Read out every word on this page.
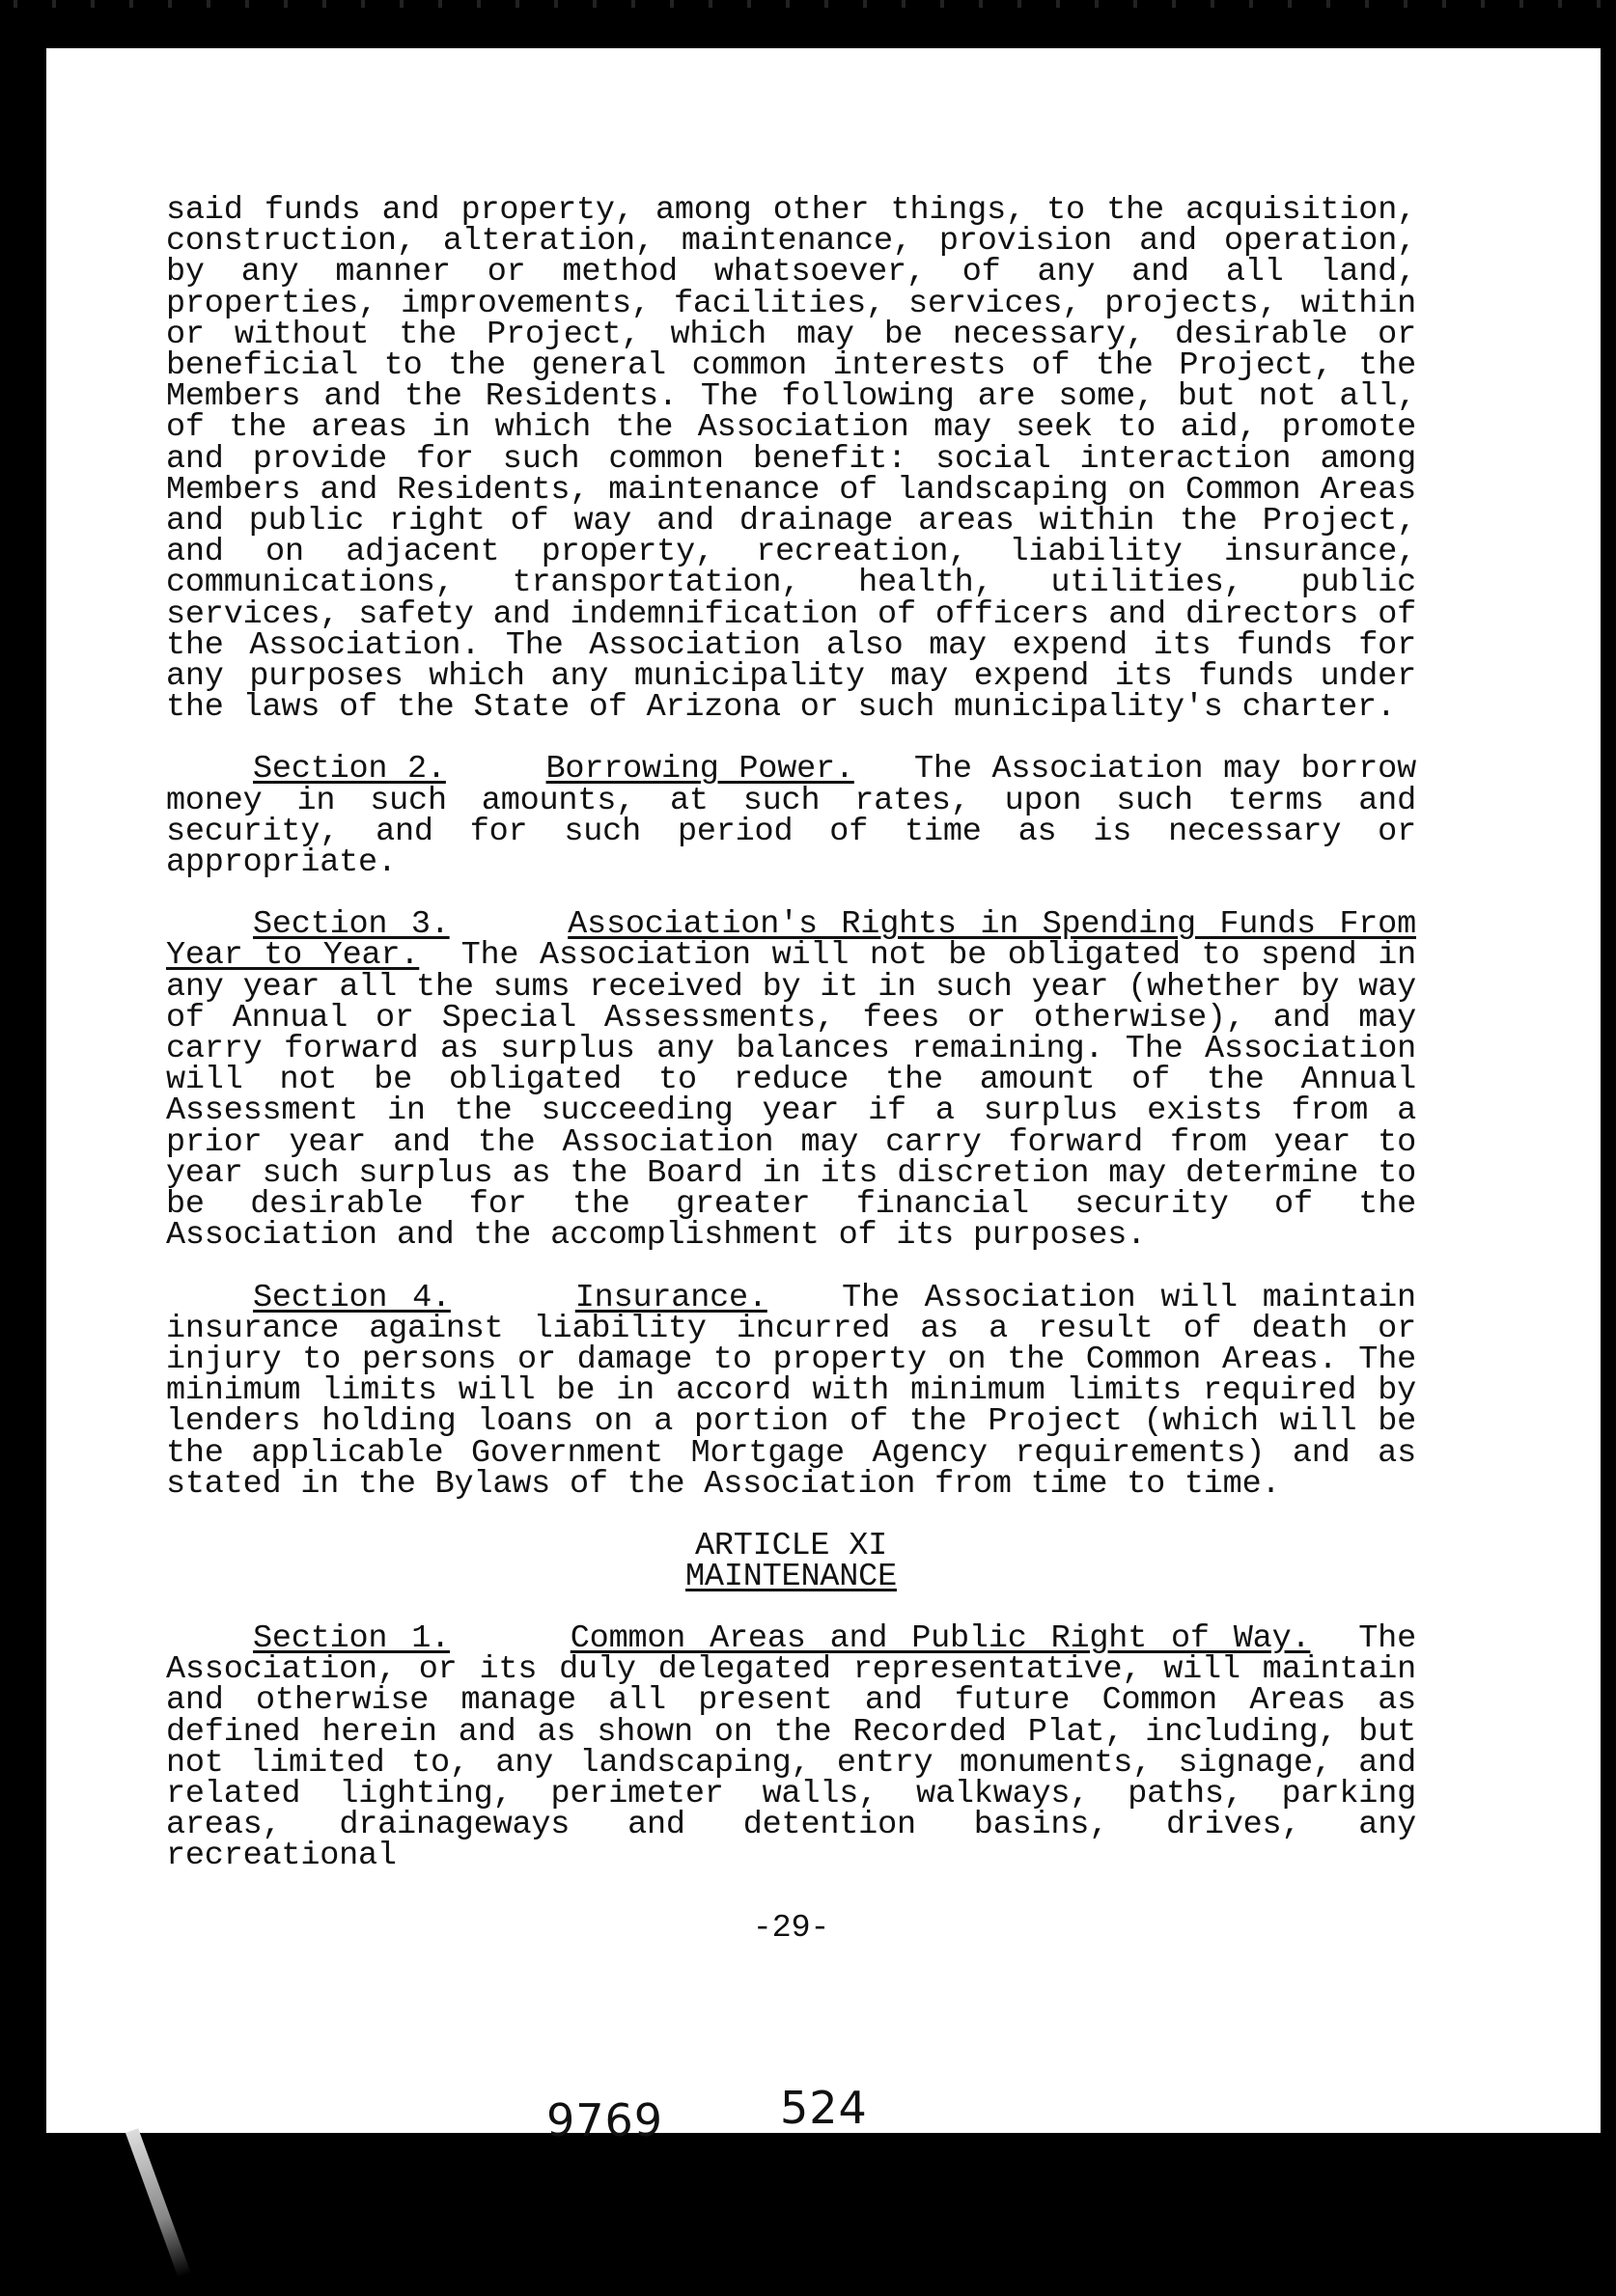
said funds and property, among other things, to the acquisition, construction, alteration, maintenance, provision and operation, by any manner or method whatsoever, of any and all land, properties, improvements, facilities, services, projects, within or without the Project, which may be necessary, desirable or beneficial to the general common interests of the Project, the Members and the Residents. The following are some, but not all, of the areas in which the Association may seek to aid, promote and provide for such common benefit: social interaction among Members and Residents, maintenance of landscaping on Common Areas and public right of way and drainage areas within the Project, and on adjacent property, recreation, liability insurance, communications, transportation, health, utilities, public services, safety and indemnification of officers and directors of the Association. The Association also may expend its funds for any purposes which any municipality may expend its funds under the laws of the State of Arizona or such municipality's charter.

Section 2.	Borrowing Power. The Association may borrow money in such amounts, at such rates, upon such terms and security, and for such period of time as is necessary or appropriate.

Section 3.	Association's Rights in Spending Funds From Year to Year. The Association will not be obligated to spend in any year all the sums received by it in such year (whether by way of Annual or Special Assessments, fees or otherwise), and may carry forward as surplus any balances remaining. The Association will not be obligated to reduce the amount of the Annual Assessment in the succeeding year if a surplus exists from a prior year and the Association may carry forward from year to year such surplus as the Board in its discretion may determine to be desirable for the greater financial security of the Association and the accomplishment of its purposes.

Section 4.	Insurance. The Association will maintain insurance against liability incurred as a result of death or injury to persons or damage to property on the Common Areas. The minimum limits will be in accord with minimum limits required by lenders holding loans on a portion of the Project (which will be the applicable Government Mortgage Agency requirements) and as stated in the Bylaws of the Association from time to time.

ARTICLE XI
MAINTENANCE

Section 1.	Common Areas and Public Right of Way. The Association, or its duly delegated representative, will maintain and otherwise manage all present and future Common Areas as defined herein and as shown on the Recorded Plat, including, but not limited to, any landscaping, entry monuments, signage, and related lighting, perimeter walls, walkways, paths, parking areas, drainageways and detention basins, drives, any recreational

-29-
9769	524
